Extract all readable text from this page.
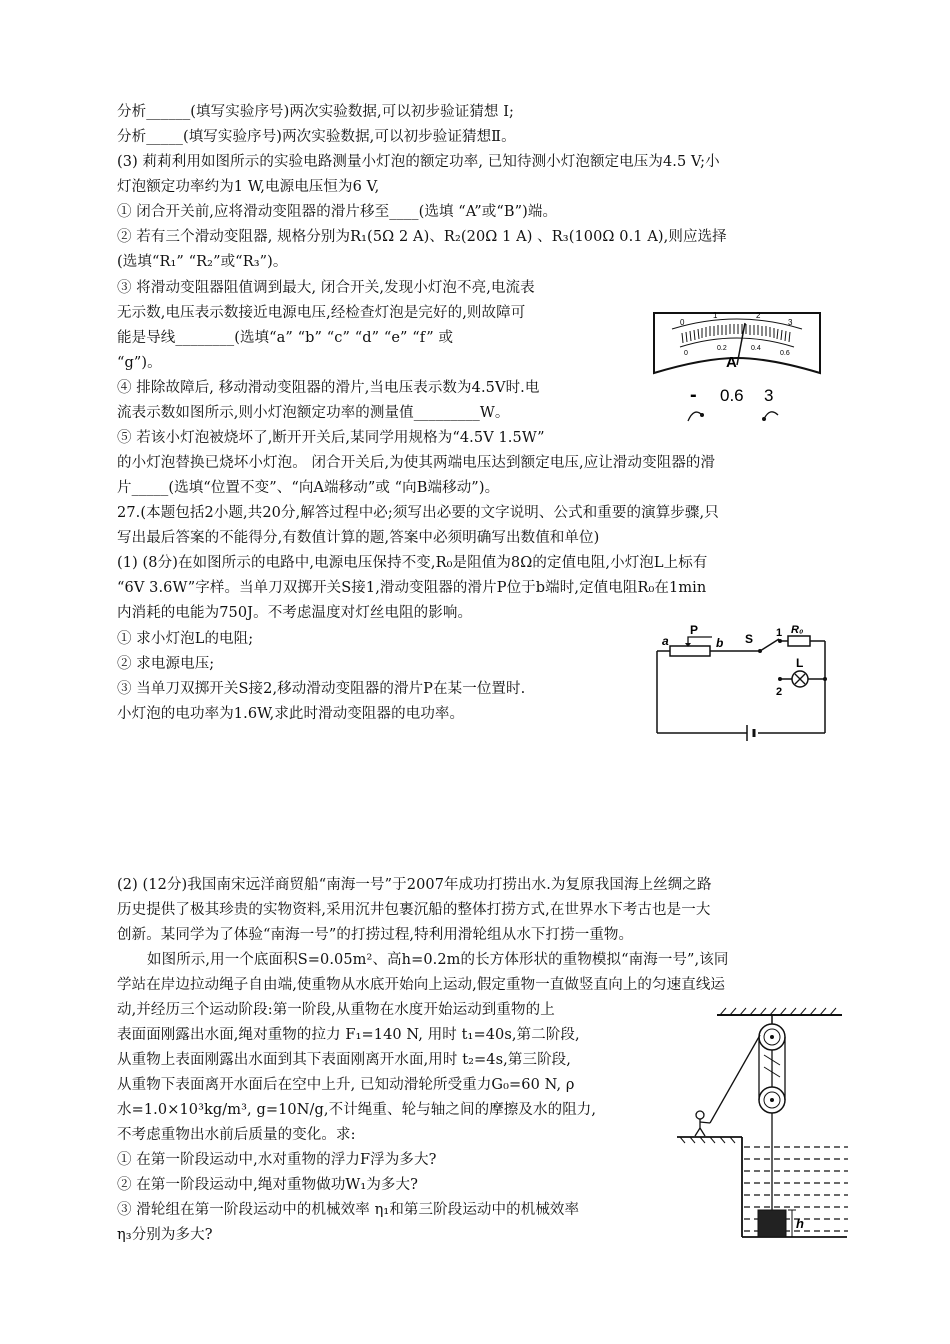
分析______(填写实验序号)两次实验数据,可以初步验证猜想 I;
分析_____(填写实验序号)两次实验数据,可以初步验证猜想Ⅱ。
(3) 莉莉利用如图所示的实验电路测量小灯泡的额定功率, 已知待测小灯泡额定电压为4.5 V;小
灯泡额定功率约为1 W,电源电压恒为6 V,
① 闭合开关前,应将滑动变阻器的滑片移至____(选填 “A”或“B”)端。
② 若有三个滑动变阻器, 规格分别为R₁(5Ω 2 A)、R₂(20Ω 1 A) 、R₃(100Ω 0.1 A),则应选择
(选填“R₁” “R₂”或“R₃”)。
③ 将滑动变阻器阻值调到最大, 闭合开关,发现小灯泡不亮,电流表
无示数,电压表示数接近电源电压,经检查灯泡是完好的,则故障可
能是导线________(选填“a” “b” “c” “d” “e” “f” 或
“g”)。
④ 排除故障后, 移动滑动变阻器的滑片,当电压表示数为4.5V时.电
流表示数如图所示,则小灯泡额定功率的测量值_________W。
⑤ 若该小灯泡被烧坏了,断开开关后,某同学用规格为“4.5V 1.5W”
的小灯泡替换已烧坏小灯泡。 闭合开关后,为使其两端电压达到额定电压,应让滑动变阻器的滑
片_____(选填“位置不变”、“向A端移动”或 “向B端移动”)。
27.(本题包括2小题,共20分,解答过程中必;须写出必要的文字说明、公式和重要的演算步骤,只
写出最后答案的不能得分,有数值计算的题,答案中必须明确写出数值和单位)
(1) (8分)在如图所示的电路中,电源电压保持不变,R₀是阻值为8Ω的定值电阻,小灯泡L上标有
“6V 3.6W”字样。当单刀双掷开关S接1,滑动变阻器的滑片P位于b端时,定值电阻R₀在1min
内消耗的电能为750J。不考虑温度对灯丝电阻的影响。
① 求小灯泡L的电阻;
② 求电源电压;
③ 当单刀双掷开关S接2,移动滑动变阻器的滑片P在某一位置时.
小灯泡的电功率为1.6W,求此时滑动变阻器的电功率。
(2) (12分)我国南宋远洋商贸船“南海一号”于2007年成功打捞出水.为复原我国海上丝绸之路
历史提供了极其珍贵的实物资料,采用沉井包裹沉船的整体打捞方式,在世界水下考古也是一大
创新。某同学为了体验“南海一号”的打捞过程,特利用滑轮组从水下打捞一重物。
如图所示,用一个底面积S=0.05m²、高h=0.2m的长方体形状的重物模拟“南海一号”,该同
学站在岸边拉动绳子自由端,使重物从水底开始向上运动,假定重物一直做竖直向上的匀速直线运
动,并经历三个运动阶段:第一阶段,从重物在水度开始运动到重物的上
表面面刚露出水面,绳对重物的拉力 F₁=140 N, 用时 t₁=40s,第二阶段,
从重物上表面刚露出水面到其下表面刚离开水面,用时 t₂=4s,第三阶段,
从重物下表面离开水面后在空中上升, 已知动滑轮所受重力G₀=60 N, ρ
水=1.0×10³kg/m³, g=10N/g,不计绳重、轮与轴之间的摩擦及水的阻力,
不考虑重物出水前后质量的变化。求:
① 在第一阶段运动中,水对重物的浮力F浮为多大?
② 在第一阶段运动中,绳对重物做功W₁为多大?
③ 滑轮组在第一阶段运动中的机械效率 η₁和第三阶段运动中的机械效率
η₃分别为多大?
0
1	2
3
0
0.2	0.4
0.6
A
- 0.6 3
P
a	b S 1
2
R₀
L
h
